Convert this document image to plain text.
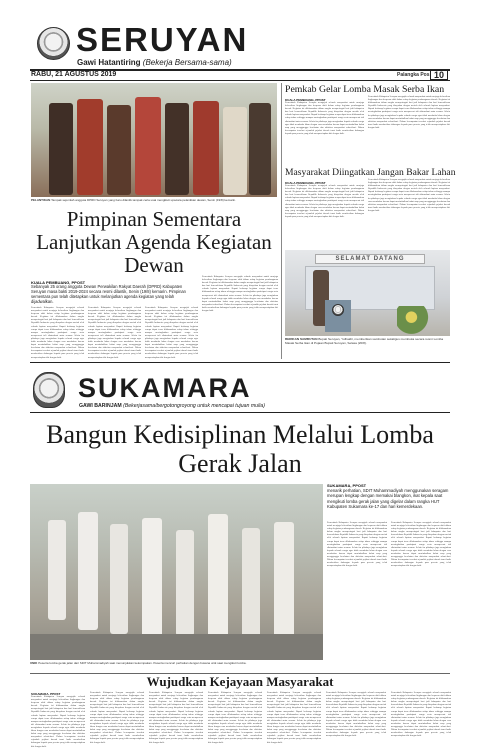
SERUYAN
Gawi Hatantiring (Bekerja Bersama-sama)
RABU, 21 AGUSTUS 2019	Palangka Pos 10
PELANTIKAN Tampak sejumlah anggota DPRD Seruyan yang baru dilantik tampak ceria usai mengikuti upacara pelantikan dewan, Senin (19/8) kemarin.
Pimpinan Sementara Lanjutkan Agenda Kegiatan Dewan
KUALA PEMBUANG, PPOST
Sebanyak 25 orang anggota Dewan Perwakilan Rakyat Daerah (DPRD) Kabupaten Seruyan masa bakti 2019-2024 secara resmi dilantik, Senin (19/8) kemarin. Pimpinan sementara pun telah ditetapkan untuk melanjutkan agenda kegiatan yang telah dijadwalkan.
Pemerintah Kabupaten Seruyan mengajak seluruh masyarakat untuk menjaga kebersihan lingkungan dan berperan aktif dalam setiap kegiatan pembangunan daerah. Kegiatan ini dilaksanakan dalam rangka memperingati hari jadi kabupaten dan hari kemerdekaan Republik Indonesia yang dirayakan dengan meriah oleh seluruh lapisan masyarakat. Bupati berharap kegiatan serupa dapat terus dilaksanakan setiap tahun sehingga mampu meningkatkan partisipasi warga serta mempererat tali silaturahmi antar sesama. Selain itu pihaknya juga mengimbau kepada seluruh warga agar tidak membuka lahan dengan cara membakar karena dapat menimbulkan kabut asap yang mengganggu kesehatan dan aktivitas masyarakat sehari-hari. Dalam kesempatan tersebut sejumlah pejabat daerah turut hadir memberikan dukungan kepada para peserta yang telah mempersiapkan diri dengan baik.
Pemerintah Kabupaten Seruyan mengajak seluruh masyarakat untuk menjaga kebersihan lingkungan dan berperan aktif dalam setiap kegiatan pembangunan daerah. Kegiatan ini dilaksanakan dalam rangka memperingati hari jadi kabupaten dan hari kemerdekaan Republik Indonesia yang dirayakan dengan meriah oleh seluruh lapisan masyarakat. Bupati berharap kegiatan serupa dapat terus dilaksanakan setiap tahun sehingga mampu meningkatkan partisipasi warga serta mempererat tali silaturahmi antar sesama. Selain itu pihaknya juga mengimbau kepada seluruh warga agar tidak membuka lahan dengan cara membakar karena dapat menimbulkan kabut asap yang mengganggu kesehatan dan aktivitas masyarakat sehari-hari. Dalam kesempatan tersebut sejumlah pejabat daerah turut hadir memberikan dukungan kepada para peserta yang telah mempersiapkan diri dengan baik.
Pemerintah Kabupaten Seruyan mengajak seluruh masyarakat untuk menjaga kebersihan lingkungan dan berperan aktif dalam setiap kegiatan pembangunan daerah. Kegiatan ini dilaksanakan dalam rangka memperingati hari jadi kabupaten dan hari kemerdekaan Republik Indonesia yang dirayakan dengan meriah oleh seluruh lapisan masyarakat. Bupati berharap kegiatan serupa dapat terus dilaksanakan setiap tahun sehingga mampu meningkatkan partisipasi warga serta mempererat tali silaturahmi antar sesama. Selain itu pihaknya juga mengimbau kepada seluruh warga agar tidak membuka lahan dengan cara membakar karena dapat menimbulkan kabut asap yang mengganggu kesehatan dan aktivitas masyarakat sehari-hari. Dalam kesempatan tersebut sejumlah pejabat daerah turut hadir memberikan dukungan kepada para peserta yang telah mempersiapkan diri dengan baik.
Pemerintah Kabupaten Seruyan mengajak seluruh masyarakat untuk menjaga kebersihan lingkungan dan berperan aktif dalam setiap kegiatan pembangunan daerah. Kegiatan ini dilaksanakan dalam rangka memperingati hari jadi kabupaten dan hari kemerdekaan Republik Indonesia yang dirayakan dengan meriah oleh seluruh lapisan masyarakat. Bupati berharap kegiatan serupa dapat terus dilaksanakan setiap tahun sehingga mampu meningkatkan partisipasi warga serta mempererat tali silaturahmi antar sesama. Selain itu pihaknya juga mengimbau kepada seluruh warga agar tidak membuka lahan dengan cara membakar karena dapat menimbulkan kabut asap yang mengganggu kesehatan dan aktivitas masyarakat sehari-hari. Dalam kesempatan tersebut sejumlah pejabat daerah turut hadir memberikan dukungan kepada para peserta yang telah mempersiapkan diri dengan baik.
Pemkab Gelar Lomba Masak Serba Ikan
KUALA PEMBUANG, PPOST
Pemerintah Kabupaten Seruyan mengajak seluruh masyarakat untuk menjaga kebersihan lingkungan dan berperan aktif dalam setiap kegiatan pembangunan daerah. Kegiatan ini dilaksanakan dalam rangka memperingati hari jadi kabupaten dan hari kemerdekaan Republik Indonesia yang dirayakan dengan meriah oleh seluruh lapisan masyarakat. Bupati berharap kegiatan serupa dapat terus dilaksanakan setiap tahun sehingga mampu meningkatkan partisipasi warga serta mempererat tali silaturahmi antar sesama. Selain itu pihaknya juga mengimbau kepada seluruh warga agar tidak membuka lahan dengan cara membakar karena dapat menimbulkan kabut asap yang mengganggu kesehatan dan aktivitas masyarakat sehari-hari. Dalam kesempatan tersebut sejumlah pejabat daerah turut hadir memberikan dukungan kepada para peserta yang telah mempersiapkan diri dengan baik.
Pemerintah Kabupaten Seruyan mengajak seluruh masyarakat untuk menjaga kebersihan lingkungan dan berperan aktif dalam setiap kegiatan pembangunan daerah. Kegiatan ini dilaksanakan dalam rangka memperingati hari jadi kabupaten dan hari kemerdekaan Republik Indonesia yang dirayakan dengan meriah oleh seluruh lapisan masyarakat. Bupati berharap kegiatan serupa dapat terus dilaksanakan setiap tahun sehingga mampu meningkatkan partisipasi warga serta mempererat tali silaturahmi antar sesama. Selain itu pihaknya juga mengimbau kepada seluruh warga agar tidak membuka lahan dengan cara membakar karena dapat menimbulkan kabut asap yang mengganggu kesehatan dan aktivitas masyarakat sehari-hari. Dalam kesempatan tersebut sejumlah pejabat daerah turut hadir memberikan dukungan kepada para peserta yang telah mempersiapkan diri dengan baik.
Masyarakat Diingatkan Jangan Bakar Lahan
KUALA PEMBUANG, PPOST
Pemerintah Kabupaten Seruyan mengajak seluruh masyarakat untuk menjaga kebersihan lingkungan dan berperan aktif dalam setiap kegiatan pembangunan daerah. Kegiatan ini dilaksanakan dalam rangka memperingati hari jadi kabupaten dan hari kemerdekaan Republik Indonesia yang dirayakan dengan meriah oleh seluruh lapisan masyarakat. Bupati berharap kegiatan serupa dapat terus dilaksanakan setiap tahun sehingga mampu meningkatkan partisipasi warga serta mempererat tali silaturahmi antar sesama. Selain itu pihaknya juga mengimbau kepada seluruh warga agar tidak membuka lahan dengan cara membakar karena dapat menimbulkan kabut asap yang mengganggu kesehatan dan aktivitas masyarakat sehari-hari. Dalam kesempatan tersebut sejumlah pejabat daerah turut hadir memberikan dukungan kepada para peserta yang telah mempersiapkan diri dengan baik.
Pemerintah Kabupaten Seruyan mengajak seluruh masyarakat untuk menjaga kebersihan lingkungan dan berperan aktif dalam setiap kegiatan pembangunan daerah. Kegiatan ini dilaksanakan dalam rangka memperingati hari jadi kabupaten dan hari kemerdekaan Republik Indonesia yang dirayakan dengan meriah oleh seluruh lapisan masyarakat. Bupati berharap kegiatan serupa dapat terus dilaksanakan setiap tahun sehingga mampu meningkatkan partisipasi warga serta mempererat tali silaturahmi antar sesama. Selain itu pihaknya juga mengimbau kepada seluruh warga agar tidak membuka lahan dengan cara membakar karena dapat menimbulkan kabut asap yang mengganggu kesehatan dan aktivitas masyarakat sehari-hari. Dalam kesempatan tersebut sejumlah pejabat daerah turut hadir memberikan dukungan kepada para peserta yang telah mempersiapkan diri dengan baik.
SELAMAT DATANG
BERIKAN SAMBUTAN Bupati Seruyan, Yulhaidir, memberikan sambutan sekaligus membuka secara resmi Lomba Masak Serba Ikan di Pujaan Bupati Seruyan, Selasa (20/8).
SUKAMARA
GAWI BARINJAM (Bekerjasama/bergotongroyong untuk mencapai tujuan mulia)
Bangun Kedisiplinan Melalui Lomba Gerak Jalan
UNIK Peserta lomba gerak jalan dari SDIT Muhammadiyah saat menunjukkan kekompakan. Peserta mencuri perhatian dengan busana unik saat mengikuti lomba.
SUKAMARA, PPOST
menarik perhatian, SDIT Muhammadiyah menggunakan seragam merupan lengkap dengan memakai blangkon, ikat kepala saat mengikuti lomba gerak jalan yang digelar dalam rangka HUT Kabupaten Sukamara ke-17 dan hari kemerdekaan.
Pemerintah Kabupaten Seruyan mengajak seluruh masyarakat untuk menjaga kebersihan lingkungan dan berperan aktif dalam setiap kegiatan pembangunan daerah. Kegiatan ini dilaksanakan dalam rangka memperingati hari jadi kabupaten dan hari kemerdekaan Republik Indonesia yang dirayakan dengan meriah oleh seluruh lapisan masyarakat. Bupati berharap kegiatan serupa dapat terus dilaksanakan setiap tahun sehingga mampu meningkatkan partisipasi warga serta mempererat tali silaturahmi antar sesama. Selain itu pihaknya juga mengimbau kepada seluruh warga agar tidak membuka lahan dengan cara membakar karena dapat menimbulkan kabut asap yang mengganggu kesehatan dan aktivitas masyarakat sehari-hari. Dalam kesempatan tersebut sejumlah pejabat daerah turut hadir memberikan dukungan kepada para peserta yang telah mempersiapkan diri dengan baik.
Pemerintah Kabupaten Seruyan mengajak seluruh masyarakat untuk menjaga kebersihan lingkungan dan berperan aktif dalam setiap kegiatan pembangunan daerah. Kegiatan ini dilaksanakan dalam rangka memperingati hari jadi kabupaten dan hari kemerdekaan Republik Indonesia yang dirayakan dengan meriah oleh seluruh lapisan masyarakat. Bupati berharap kegiatan serupa dapat terus dilaksanakan setiap tahun sehingga mampu meningkatkan partisipasi warga serta mempererat tali silaturahmi antar sesama. Selain itu pihaknya juga mengimbau kepada seluruh warga agar tidak membuka lahan dengan cara membakar karena dapat menimbulkan kabut asap yang mengganggu kesehatan dan aktivitas masyarakat sehari-hari. Dalam kesempatan tersebut sejumlah pejabat daerah turut hadir memberikan dukungan kepada para peserta yang telah mempersiapkan diri dengan baik.
Wujudkan Kejayaan Masyarakat
SUKAMARA, PPOST
Pemerintah Kabupaten Seruyan mengajak seluruh masyarakat untuk menjaga kebersihan lingkungan dan berperan aktif dalam setiap kegiatan pembangunan daerah. Kegiatan ini dilaksanakan dalam rangka memperingati hari jadi kabupaten dan hari kemerdekaan Republik Indonesia yang dirayakan dengan meriah oleh seluruh lapisan masyarakat. Bupati berharap kegiatan serupa dapat terus dilaksanakan setiap tahun sehingga mampu meningkatkan partisipasi warga serta mempererat tali silaturahmi antar sesama. Selain itu pihaknya juga mengimbau kepada seluruh warga agar tidak membuka lahan dengan cara membakar karena dapat menimbulkan kabut asap yang mengganggu kesehatan dan aktivitas masyarakat sehari-hari. Dalam kesempatan tersebut sejumlah pejabat daerah turut hadir memberikan dukungan kepada para peserta yang telah mempersiapkan diri dengan baik.
Pemerintah Kabupaten Seruyan mengajak seluruh masyarakat untuk menjaga kebersihan lingkungan dan berperan aktif dalam setiap kegiatan pembangunan daerah. Kegiatan ini dilaksanakan dalam rangka memperingati hari jadi kabupaten dan hari kemerdekaan Republik Indonesia yang dirayakan dengan meriah oleh seluruh lapisan masyarakat. Bupati berharap kegiatan serupa dapat terus dilaksanakan setiap tahun sehingga mampu meningkatkan partisipasi warga serta mempererat tali silaturahmi antar sesama. Selain itu pihaknya juga mengimbau kepada seluruh warga agar tidak membuka lahan dengan cara membakar karena dapat menimbulkan kabut asap yang mengganggu kesehatan dan aktivitas masyarakat sehari-hari. Dalam kesempatan tersebut sejumlah pejabat daerah turut hadir memberikan dukungan kepada para peserta yang telah mempersiapkan diri dengan baik.
Pemerintah Kabupaten Seruyan mengajak seluruh masyarakat untuk menjaga kebersihan lingkungan dan berperan aktif dalam setiap kegiatan pembangunan daerah. Kegiatan ini dilaksanakan dalam rangka memperingati hari jadi kabupaten dan hari kemerdekaan Republik Indonesia yang dirayakan dengan meriah oleh seluruh lapisan masyarakat. Bupati berharap kegiatan serupa dapat terus dilaksanakan setiap tahun sehingga mampu meningkatkan partisipasi warga serta mempererat tali silaturahmi antar sesama. Selain itu pihaknya juga mengimbau kepada seluruh warga agar tidak membuka lahan dengan cara membakar karena dapat menimbulkan kabut asap yang mengganggu kesehatan dan aktivitas masyarakat sehari-hari. Dalam kesempatan tersebut sejumlah pejabat daerah turut hadir memberikan dukungan kepada para peserta yang telah mempersiapkan diri dengan baik.
Pemerintah Kabupaten Seruyan mengajak seluruh masyarakat untuk menjaga kebersihan lingkungan dan berperan aktif dalam setiap kegiatan pembangunan daerah. Kegiatan ini dilaksanakan dalam rangka memperingati hari jadi kabupaten dan hari kemerdekaan Republik Indonesia yang dirayakan dengan meriah oleh seluruh lapisan masyarakat. Bupati berharap kegiatan serupa dapat terus dilaksanakan setiap tahun sehingga mampu meningkatkan partisipasi warga serta mempererat tali silaturahmi antar sesama. Selain itu pihaknya juga mengimbau kepada seluruh warga agar tidak membuka lahan dengan cara membakar karena dapat menimbulkan kabut asap yang mengganggu kesehatan dan aktivitas masyarakat sehari-hari. Dalam kesempatan tersebut sejumlah pejabat daerah turut hadir memberikan dukungan kepada para peserta yang telah mempersiapkan diri dengan baik.
Pemerintah Kabupaten Seruyan mengajak seluruh masyarakat untuk menjaga kebersihan lingkungan dan berperan aktif dalam setiap kegiatan pembangunan daerah. Kegiatan ini dilaksanakan dalam rangka memperingati hari jadi kabupaten dan hari kemerdekaan Republik Indonesia yang dirayakan dengan meriah oleh seluruh lapisan masyarakat. Bupati berharap kegiatan serupa dapat terus dilaksanakan setiap tahun sehingga mampu meningkatkan partisipasi warga serta mempererat tali silaturahmi antar sesama. Selain itu pihaknya juga mengimbau kepada seluruh warga agar tidak membuka lahan dengan cara membakar karena dapat menimbulkan kabut asap yang mengganggu kesehatan dan aktivitas masyarakat sehari-hari. Dalam kesempatan tersebut sejumlah pejabat daerah turut hadir memberikan dukungan kepada para peserta yang telah mempersiapkan diri dengan baik.
Pemerintah Kabupaten Seruyan mengajak seluruh masyarakat untuk menjaga kebersihan lingkungan dan berperan aktif dalam setiap kegiatan pembangunan daerah. Kegiatan ini dilaksanakan dalam rangka memperingati hari jadi kabupaten dan hari kemerdekaan Republik Indonesia yang dirayakan dengan meriah oleh seluruh lapisan masyarakat. Bupati berharap kegiatan serupa dapat terus dilaksanakan setiap tahun sehingga mampu meningkatkan partisipasi warga serta mempererat tali silaturahmi antar sesama. Selain itu pihaknya juga mengimbau kepada seluruh warga agar tidak membuka lahan dengan cara membakar karena dapat menimbulkan kabut asap yang mengganggu kesehatan dan aktivitas masyarakat sehari-hari. Dalam kesempatan tersebut sejumlah pejabat daerah turut hadir memberikan dukungan kepada para peserta yang telah mempersiapkan diri dengan baik.
Pemerintah Kabupaten Seruyan mengajak seluruh masyarakat untuk menjaga kebersihan lingkungan dan berperan aktif dalam setiap kegiatan pembangunan daerah. Kegiatan ini dilaksanakan dalam rangka memperingati hari jadi kabupaten dan hari kemerdekaan Republik Indonesia yang dirayakan dengan meriah oleh seluruh lapisan masyarakat. Bupati berharap kegiatan serupa dapat terus dilaksanakan setiap tahun sehingga mampu meningkatkan partisipasi warga serta mempererat tali silaturahmi antar sesama. Selain itu pihaknya juga mengimbau kepada seluruh warga agar tidak membuka lahan dengan cara membakar karena dapat menimbulkan kabut asap yang mengganggu kesehatan dan aktivitas masyarakat sehari-hari. Dalam kesempatan tersebut sejumlah pejabat daerah turut hadir memberikan dukungan kepada para peserta yang telah mempersiapkan diri dengan baik.
